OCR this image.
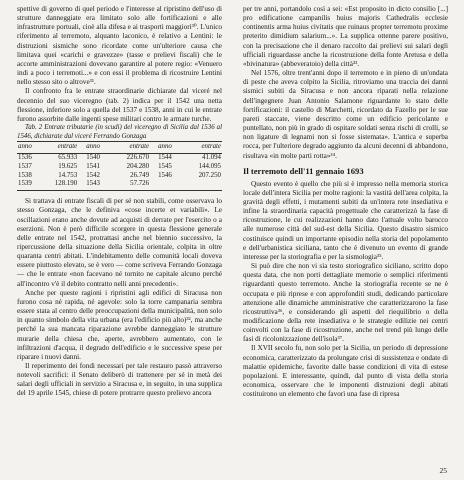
spettive di governo di quel periodo e l'interesse al ripristino dell'uso di strutture danneggiate era limitato solo alle fortificazioni e alle infrastrutture portuali, cioè alla difesa e ai trasporti maggiori³⁰. L'unico riferimento al terremoto, alquanto laconico, è relativo a Lentini: le distruzioni sismiche sono ricordate come un'ulteriore causa che limitava quei «carichi e gravezze» (tasse e prelievi fiscali) che le accorte amministrazioni dovevano garantire al potere regio: «Venuero indi a poco i terremoti...» e con essi il problema di ricostruire Lentini nello stesso sito o altrove³¹.

Il confronto fra le entrate straordinarie dichiarate dal viceré nel decennio del suo viceregno (tab. 2) indica per il 1542 una netta flessione, inferiore solo a quella del 1537 e 1538, anni in cui le entrate furono assorbite dalle ingenti spese militari contro le armate turche.

Tab. 2 Entrate tributarie (in scudi) del viceregno di Sicilia dal 1536 al 1546, dichiarate dal viceré Ferrando Gonzaga

anno	entrate	anno	entrate	anno	entrate
1536	65.933	1540	226.670	1544	41.094
1537	19.625	1541	204.280	1545	144.095
1538	14.753	1542	26.749	1546	207.250
1539	128.190	1543	57.726		

Si trattava di entrate fiscali di per sé non stabili, come osservava lo stesso Gonzaga, che le definiva «cose incerte et variabili». Le oscillazioni erano anche dovute ad acquisti di derrate per l'esercito o a eserzioni. Non è però difficile scorgere in questa flessione generale delle entrate nel 1542, protrattasi anche nel biennio successivo, la ripercussione della situazione della Sicilia orientale, colpita in oltre quaranta centri abitati. L'indebitamento delle comunità locali doveva essere piuttosto elevato, se è vero — come scriveva Ferrando Gonzaga — che le entrate «non facevano né tornito ne capitale alcuno perché all'incontro v'è il debito contratto nelli anni precedenti».

Anche per queste ragioni i ripristini agli edifici di Siracusa non furono cosa né rapida, né agevole: solo la torre campanaria sembra essere stata al centro delle preoccupazioni della municipalità, non solo in quanto simbolo della vita urbana (era l'edificio più alto)³², ma anche perché la sua mancata riparazione avrebbe danneggiato le strutture murarie della chiesa che, aperte, avrebbero aumentato, con le infiltrazioni d'acqua, il degrado dell'edificio e le successive spese per riparare i nuovi danni.

Il reperimento dei fondi necessari per tale restauro passò attraverso notevoli sacrifici: il Senato deliberò di trattenere per sé in metà dei salari degli ufficiali in servizio a Siracusa e, in seguito, in una supplica del 19 aprile 1545, chiese di potere protrarre questo prelievo ancora

per tre anni, portandolo così a sei: «Est proposito in dicto consilio [...] pro edificatione campanilis huius majoris Cathedralis ecclesie continentis arma huius civitatis que ruinaus propter terremotu proxime preterito dimidium salarium...». La supplica ottenne parere positivo, con la precisazione che il denaro raccolto dai prelievi sui salari degli ufficiali riguardasse anche la ricostruzione della fonte Aretusa e della «bivinatura» (abbeveratoio) della città³³.

Nel 1576, oltre trent'anni dopo il terremoto e in pieno di un'ondata di peste che aveva colpito la Sicilia, ritroviamo una traccia dei danni sismici subiti da Siracusa e non ancora riparati nella relazione dell'ingegnere Juan Antonio Salamone riguardante lo stato delle fortificazioni: il castello di Marchetti, ricordato da Fazello per le sue pareti staccate, viene descritto come un edificio pericolante e puntellato, non più in grado di ospitare soldati senza rischi di crolli, se non ligature di legnami non si fosse sistemata». L'antica e superba rocca, per l'ulteriore degrado aggiunto da alcuni decenni di abbandono, risultava «in molte parti rotta»³⁴.

Il terremoto dell'11 gennaio 1693

Questo evento è quello che più si è impresso nella memoria storica locale dell'intera Sicilia per molte ragioni: la vastità dell'area colpita, la gravità degli effetti, i mutamenti subiti da un'intera rete insediativa e infine la straordinaria capacità progettuale che caratterizzò la fase di ricostruzione, le cui realizzazioni hanno dato l'attuale volto barocco alle numerose città del sud-est della Sicilia. Questo disastro sismico costituisce quindi un importante episodio nella storia del popolamento e dell'urbanistica siciliana, tanto che è divenuto un evento di grande interesse per la storiografia e per la sismologia³⁵.

Si può dire che non vi sia testo storiografico siciliano, scritto dopo questa data, che non porti dettagliate memorie o semplici riferimenti riguardanti questo terremoto. Anche la storiografia recente se ne è occupata e più riprese e con approfonditi studi, dedicando particolare attenzione alle dinamiche amministrative che caratterizzarono la fase ricostruttiva³⁶, e considerando gli aspetti del riequilibrio o della modificazione della rete insediativa e le strategie edilizie nei centri coinvolti con la fase di ricostruzione, anche nel trend più lungo delle fasi di ricolonizzazione dell'isola³⁷.

Il XVII secolo fu, non solo per la Sicilia, un periodo di depressione economica, caratterizzato da prolungate crisi di sussistenza e ondate di malattie epidemiche, favorite dalle basse condizioni di vita di estese popolazioni. E interessante, quindi, dal punto di vista della storia economica, osservare che le imponenti distruzioni degli abitati costituirono un elemento che favorì una fase di ripresa

25
